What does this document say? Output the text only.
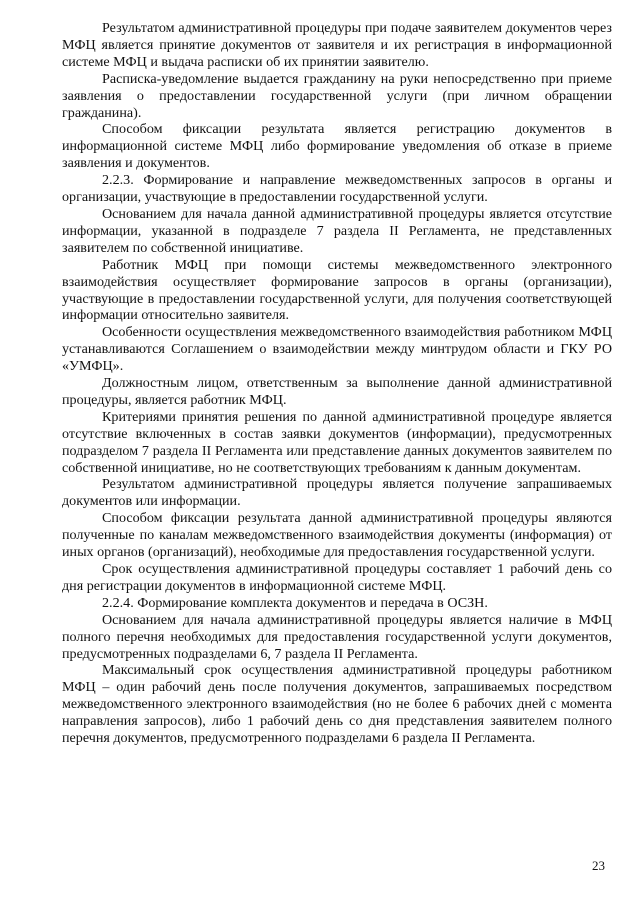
Результатом административной процедуры при подаче заявителем документов через МФЦ является принятие документов от заявителя и их регистрация в информационной системе МФЦ и выдача расписки об их принятии заявителю.

Расписка-уведомление выдается гражданину на руки непосредственно при приеме заявления о предоставлении государственной услуги (при личном обращении гражданина).

Способом фиксации результата является регистрацию документов в информационной системе МФЦ либо формирование уведомления об отказе в приеме заявления и документов.

2.2.3. Формирование и направление межведомственных запросов в органы и организации, участвующие в предоставлении государственной услуги.

Основанием для начала данной административной процедуры является отсутствие информации, указанной в подразделе 7 раздела II Регламента, не представленных заявителем по собственной инициативе.

Работник МФЦ при помощи системы межведомственного электронного взаимодействия осуществляет формирование запросов в органы (организации), участвующие в предоставлении государственной услуги, для получения соответствующей информации относительно заявителя.

Особенности осуществления межведомственного взаимодействия работником МФЦ устанавливаются Соглашением о взаимодействии между минтрудом области и ГКУ РО «УМФЦ».

Должностным лицом, ответственным за выполнение данной административной процедуры, является работник МФЦ.

Критериями принятия решения по данной административной процедуре является отсутствие включенных в состав заявки документов (информации), предусмотренных подразделом 7 раздела II Регламента или представление данных документов заявителем по собственной инициативе, но не соответствующих требованиям к данным документам.

Результатом административной процедуры является получение запрашиваемых документов или информации.

Способом фиксации результата данной административной процедуры являются полученные по каналам межведомственного взаимодействия документы (информация) от иных органов (организаций), необходимые для предоставления государственной услуги.

Срок осуществления административной процедуры составляет 1 рабочий день со дня регистрации документов в информационной системе МФЦ.

2.2.4. Формирование комплекта документов и передача в ОСЗН.

Основанием для начала административной процедуры является наличие в МФЦ полного перечня необходимых для предоставления государственной услуги документов, предусмотренных подразделами 6, 7 раздела II Регламента.

Максимальный срок осуществления административной процедуры работником МФЦ – один рабочий день после получения документов, запрашиваемых посредством межведомственного электронного взаимодействия (но не более 6 рабочих дней с момента направления запросов), либо 1 рабочий день со дня представления заявителем полного перечня документов, предусмотренного подразделами 6 раздела II Регламента.

23
